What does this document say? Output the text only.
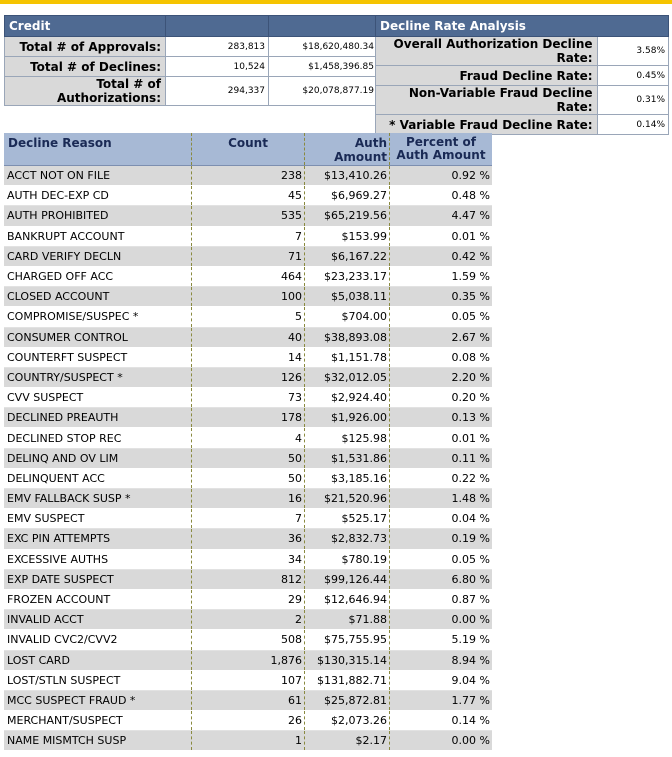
Credit		
Total # of Approvals:	283,813	$18,620,480.34
Total # of Declines:	10,524	$1,458,396.85
Total # of Authorizations:	294,337	$20,078,877.19
Decline Rate Analysis	
Overall Authorization Decline Rate:	3.58%
Fraud Decline Rate:	0.45%
Non-Variable Fraud Decline Rate:	0.31%
* Variable Fraud Decline Rate:	0.14%
Decline Reason	Count	Auth Amount	Percent of Auth Amount
ACCT NOT ON FILE	238	$13,410.26	0.92 %
AUTH DEC-EXP CD	45	$6,969.27	0.48 %
AUTH PROHIBITED	535	$65,219.56	4.47 %
BANKRUPT ACCOUNT	7	$153.99	0.01 %
CARD VERIFY DECLN	71	$6,167.22	0.42 %
CHARGED OFF ACC	464	$23,233.17	1.59 %
CLOSED ACCOUNT	100	$5,038.11	0.35 %
COMPROMISE/SUSPEC *	5	$704.00	0.05 %
CONSUMER CONTROL	40	$38,893.08	2.67 %
COUNTERFT SUSPECT	14	$1,151.78	0.08 %
COUNTRY/SUSPECT *	126	$32,012.05	2.20 %
CVV SUSPECT	73	$2,924.40	0.20 %
DECLINED PREAUTH	178	$1,926.00	0.13 %
DECLINED STOP REC	4	$125.98	0.01 %
DELINQ AND OV LIM	50	$1,531.86	0.11 %
DELINQUENT ACC	50	$3,185.16	0.22 %
EMV FALLBACK SUSP *	16	$21,520.96	1.48 %
EMV SUSPECT	7	$525.17	0.04 %
EXC PIN ATTEMPTS	36	$2,832.73	0.19 %
EXCESSIVE AUTHS	34	$780.19	0.05 %
EXP DATE SUSPECT	812	$99,126.44	6.80 %
FROZEN ACCOUNT	29	$12,646.94	0.87 %
INVALID ACCT	2	$71.88	0.00 %
INVALID CVC2/CVV2	508	$75,755.95	5.19 %
LOST CARD	1,876	$130,315.14	8.94 %
LOST/STLN SUSPECT	107	$131,882.71	9.04 %
MCC SUSPECT FRAUD *	61	$25,872.81	1.77 %
MERCHANT/SUSPECT	26	$2,073.26	0.14 %
NAME MISMTCH SUSP	1	$2.17	0.00 %
